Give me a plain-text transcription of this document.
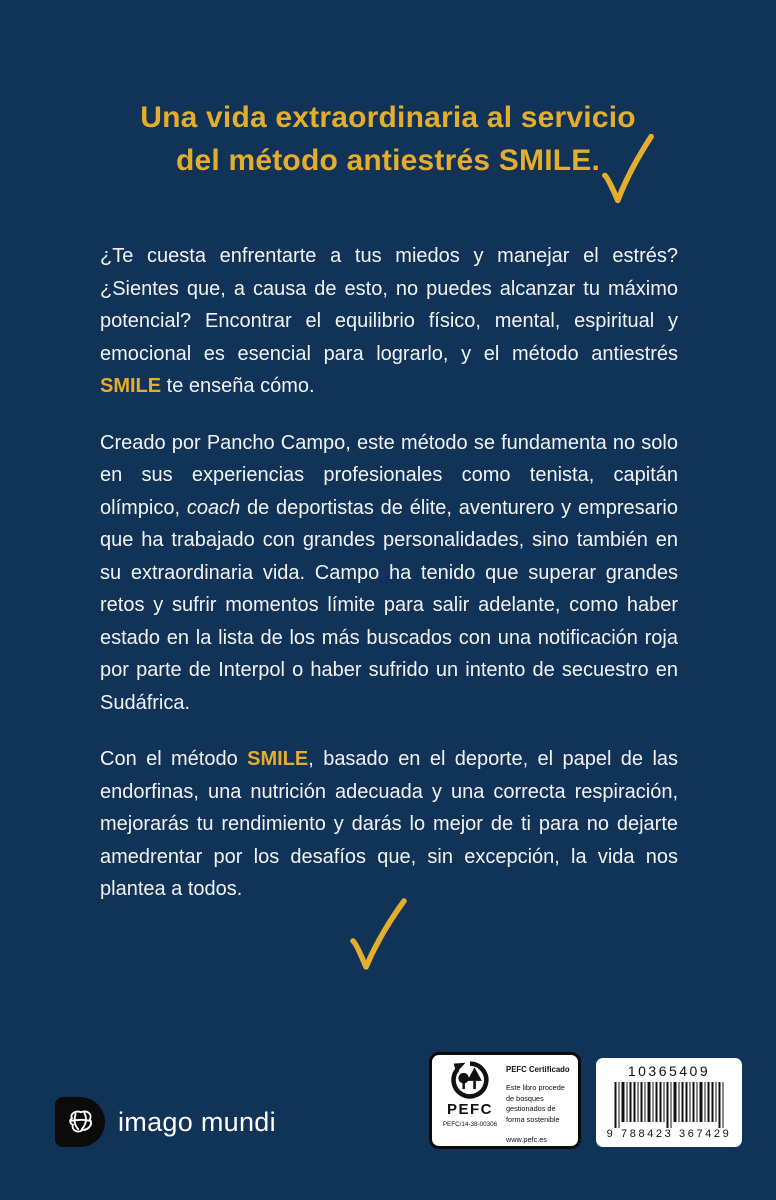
Una vida extraordinaria al servicio
del método antiestrés SMILE.

¿Te cuesta enfrentarte a tus miedos y manejar el estrés? ¿Sientes que, a causa de esto, no puedes alcanzar tu máximo potencial? Encontrar el equilibrio físico, mental, espiritual y emocional es esencial para lograrlo, y el método antiestrés SMILE te enseña cómo.

Creado por Pancho Campo, este método se fundamenta no solo en sus experiencias profesionales como tenista, capitán olímpico, coach de deportistas de élite, aventurero y empresario que ha trabajado con grandes personalidades, sino también en su extraordinaria vida. Campo ha tenido que superar grandes retos y sufrir momentos límite para salir adelante, como haber estado en la lista de los más buscados con una notificación roja por parte de Interpol o haber sufrido un intento de secuestro en Sudáfrica.

Con el método SMILE, basado en el deporte, el papel de las endorfinas, una nutrición adecuada y una correcta respiración, mejorarás tu rendimiento y darás lo mejor de ti para no dejarte amedrentar por los desafíos que, sin excepción, la vida nos plantea a todos.

imago mundi	PEFC
PEFC/14-38-00306
PEFC Certificado
Este libro procede de bosques gestionados de forma sostenible
www.pefc.es
10365409
9 788423 367429
